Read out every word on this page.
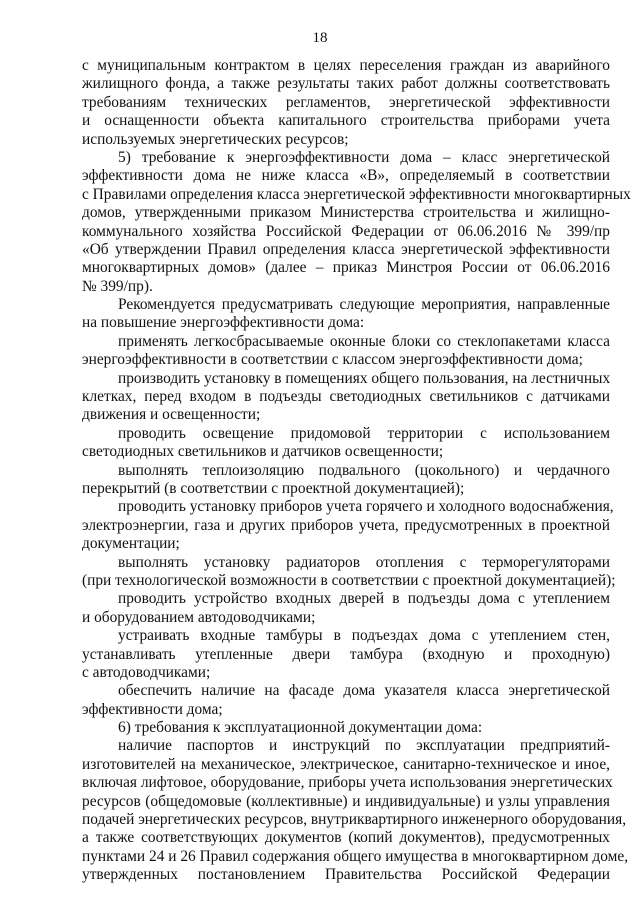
18
с муниципальным контрактом в целях переселения граждан из аварийного
жилищного фонда, а также результаты таких работ должны соответствовать
требованиям технических регламентов, энергетической эффективности
и оснащенности объекта капитального строительства приборами учета
используемых энергетических ресурсов;
5) требование к энергоэффективности дома – класс энергетической
эффективности дома не ниже класса «B», определяемый в соответствии
с Правилами определения класса энергетической эффективности многоквартирных
домов, утвержденными приказом Министерства строительства и жилищно-
коммунального хозяйства Российской Федерации от 06.06.2016 № 399/пр
«Об утверждении Правил определения класса энергетической эффективности
многоквартирных домов» (далее – приказ Минстроя России от 06.06.2016
№ 399/пр).
Рекомендуется предусматривать следующие мероприятия, направленные
на повышение энергоэффективности дома:
применять легкосбрасываемые оконные блоки со стеклопакетами класса
энергоэффективности в соответствии с классом энергоэффективности дома;
производить установку в помещениях общего пользования, на лестничных
клетках, перед входом в подъезды светодиодных светильников с датчиками
движения и освещенности;
проводить освещение придомовой территории с использованием
светодиодных светильников и датчиков освещенности;
выполнять теплоизоляцию подвального (цокольного) и чердачного
перекрытий (в соответствии с проектной документацией);
проводить установку приборов учета горячего и холодного водоснабжения,
электроэнергии, газа и других приборов учета, предусмотренных в проектной
документации;
выполнять установку радиаторов отопления с терморегуляторами
(при технологической возможности в соответствии с проектной документацией);
проводить устройство входных дверей в подъезды дома с утеплением
и оборудованием автодоводчиками;
устраивать входные тамбуры в подъездах дома с утеплением стен,
устанавливать утепленные двери тамбура (входную и проходную)
с автодоводчиками;
обеспечить наличие на фасаде дома указателя класса энергетической
эффективности дома;
6) требования к эксплуатационной документации дома:
наличие паспортов и инструкций по эксплуатации предприятий-
изготовителей на механическое, электрическое, санитарно-техническое и иное,
включая лифтовое, оборудование, приборы учета использования энергетических
ресурсов (общедомовые (коллективные) и индивидуальные) и узлы управления
подачей энергетических ресурсов, внутриквартирного инженерного оборудования,
а также соответствующих документов (копий документов), предусмотренных
пунктами 24 и 26 Правил содержания общего имущества в многоквартирном доме,
утвержденных постановлением Правительства Российской Федерации
